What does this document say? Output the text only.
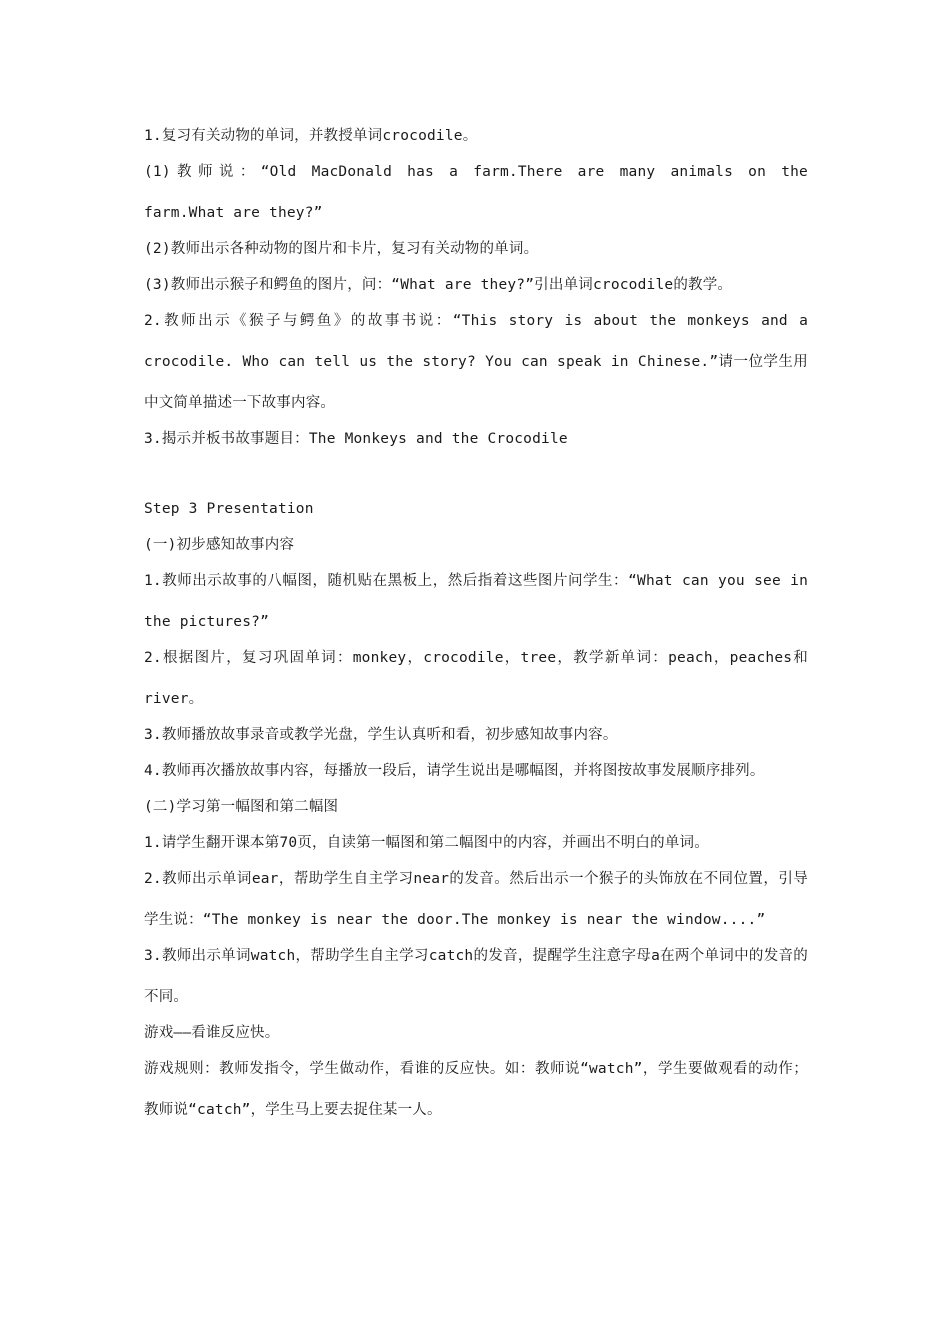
1.复习有关动物的单词，并教授单词crocodile。

(1)教师说：“Old MacDonald has a farm.There are many animals on the farm.What are they?”

(2)教师出示各种动物的图片和卡片，复习有关动物的单词。

(3)教师出示猴子和鳄鱼的图片，问：“What are they?”引出单词crocodile的教学。

2.教师出示《猴子与鳄鱼》的故事书说：“This story is about the monkeys and a crocodile. Who can tell us the story? You can speak in Chinese.”请一位学生用中文简单描述一下故事内容。

3.揭示并板书故事题目：The Monkeys and the Crocodile

Step 3 Presentation

(一)初步感知故事内容

1.教师出示故事的八幅图，随机贴在黑板上，然后指着这些图片问学生：“What can you see in the pictures?”

2.根据图片，复习巩固单词：monkey，crocodile，tree，教学新单词：peach，peaches和river。

3.教师播放故事录音或教学光盘，学生认真听和看，初步感知故事内容。

4.教师再次播放故事内容，每播放一段后，请学生说出是哪幅图，并将图按故事发展顺序排列。

(二)学习第一幅图和第二幅图

1.请学生翻开课本第70页，自读第一幅图和第二幅图中的内容，并画出不明白的单词。

2.教师出示单词ear，帮助学生自主学习near的发音。然后出示一个猴子的头饰放在不同位置，引导学生说：“The monkey is near the door.The monkey is near the window....”

3.教师出示单词watch，帮助学生自主学习catch的发音，提醒学生注意字母a在两个单词中的发音的不同。

游戏——看谁反应快。

游戏规则：教师发指令，学生做动作，看谁的反应快。如：教师说“watch”，学生要做观看的动作；教师说“catch”，学生马上要去捉住某一人。
